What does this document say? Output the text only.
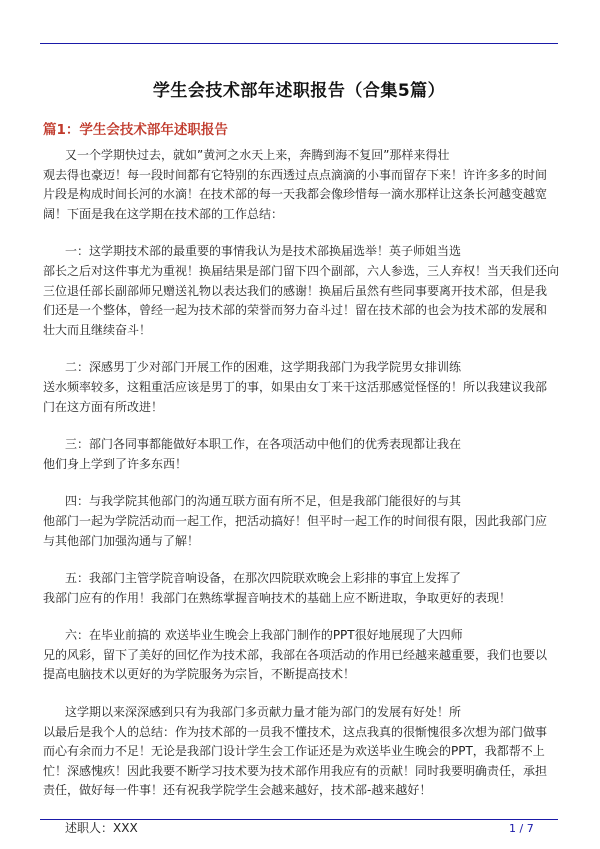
学生会技术部年述职报告（合集5篇）
篇1：学生会技术部年述职报告

又一个学期快过去，就如”黄河之水天上来，奔腾到海不复回”那样来得壮
观去得也豪迈！每一段时间都有它特别的东西透过点点滴滴的小事而留存下来！许许多多的时间
片段是构成时间长河的水滴！在技术部的每一天我都会像珍惜每一滴水那样让这条长河越变越宽
阔！下面是我在这学期在技术部的工作总结：

一：这学期技术部的最重要的事情我认为是技术部换届选举！英子师姐当选
部长之后对这件事尤为重视！换届结果是部门留下四个副部，六人参选，三人弃权！当天我们还向
三位退任部长副部师兄赠送礼物以表达我们的感谢！换届后虽然有些同事要离开技术部，但是我
们还是一个整体，曾经一起为技术部的荣誉而努力奋斗过！留在技术部的也会为技术部的发展和
壮大而且继续奋斗！

二：深感男丁少对部门开展工作的困难，这学期我部门为我学院男女排训练
送水频率较多，这粗重活应该是男丁的事，如果由女丁来干这活那感觉怪怪的！所以我建议我部
门在这方面有所改进！

三：部门各同事都能做好本职工作，在各项活动中他们的优秀表现都让我在
他们身上学到了许多东西！

四：与我学院其他部门的沟通互联方面有所不足，但是我部门能很好的与其
他部门一起为学院活动而一起工作，把活动搞好！但平时一起工作的时间很有限，因此我部门应
与其他部门加强沟通与了解！

五：我部门主管学院音响设备，在那次四院联欢晚会上彩排的事宜上发挥了
我部门应有的作用！我部门在熟练掌握音响技术的基础上应不断进取，争取更好的表现！

六：在毕业前搞的 欢送毕业生晚会上我部门制作的PPT很好地展现了大四师
兄的风彩，留下了美好的回忆作为技术部，我部在各项活动的作用已经越来越重要，我们也要以
提高电脑技术以更好的为学院服务为宗旨，不断提高技术！

这学期以来深深感到只有为我部门多贡献力量才能为部门的发展有好处！所
以最后是我个人的总结：作为技术部的一员我不懂技术，这点我真的很惭愧很多次想为部门做事
而心有余而力不足！无论是我部门设计学生会工作证还是为欢送毕业生晚会的PPT，我都帮不上
忙！深感愧疚！因此我要不断学习技术要为技术部作用我应有的贡献！同时我要明确责任，承担
责任，做好每一件事！还有祝我学院学生会越来越好，技术部-越来越好！

述职人：XXX	1 / 7
